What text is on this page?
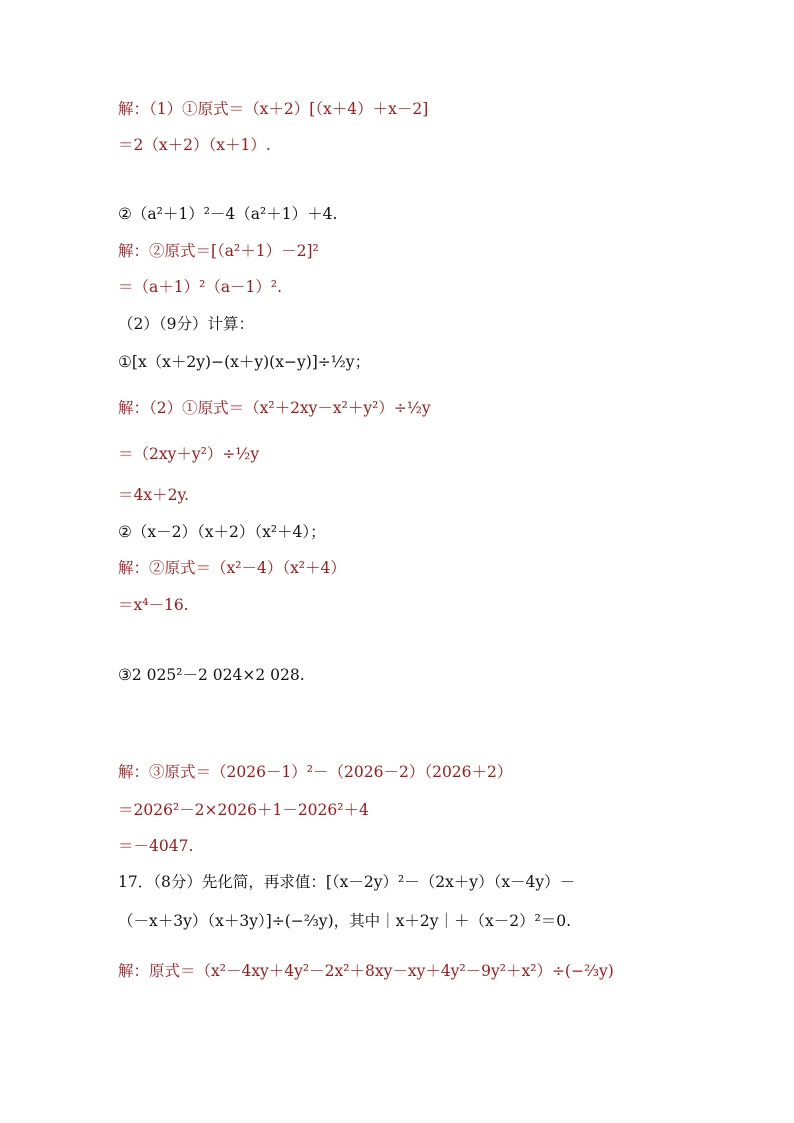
解：（1）①原式＝（x＋2）[（x＋4）＋x－2]
＝2（x＋2）（x＋1）.
②（a²＋1）²－4（a²＋1）＋4.
解：②原式＝[（a²＋1）－2]²
＝（a＋1）²（a－1）².
（2）（9分）计算：
①[x（x＋2y)−(x＋y)(x−y)]÷½y；
解：（2）①原式＝（x²＋2xy－x²＋y²）÷½y
＝（2xy＋y²）÷½y
＝4x＋2y.
②（x－2）（x＋2）（x²＋4）；
解：②原式＝（x²－4）（x²＋4）
＝x⁴－16.
③2 025²－2 024×2 028.
解：③原式＝（2026－1）²－（2026－2）（2026＋2）
＝2026²－2×2026＋1－2026²＋4
＝－4047.
17．（8分）先化简，再求值：[（x－2y）²－（2x＋y）（x－4y）－
（－x＋3y）（x＋3y）]÷(−⅔y)，其中｜x＋2y｜＋（x－2）²＝0.
解：原式＝（x²－4xy＋4y²－2x²＋8xy－xy＋4y²－9y²＋x²）÷(−⅔y)
